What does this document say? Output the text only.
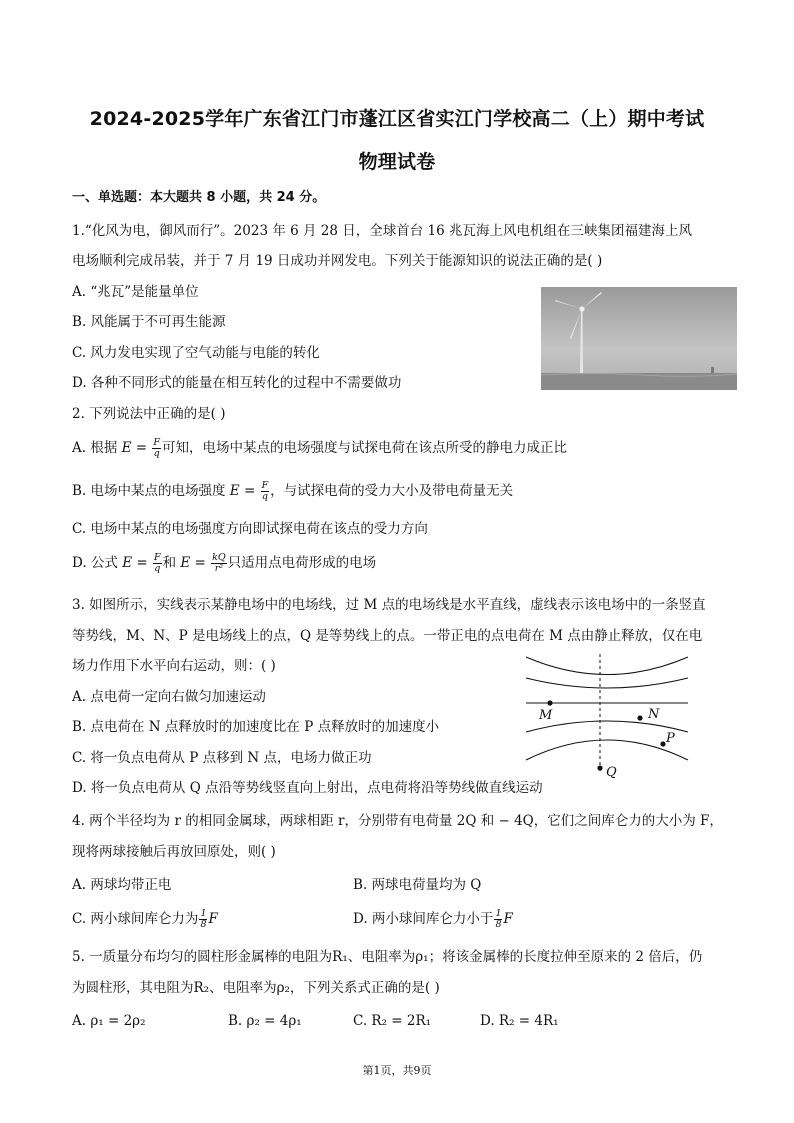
2024-2025学年广东省江门市蓬江区省实江门学校高二（上）期中考试
物理试卷
一、单选题：本大题共 8 小题，共 24 分。
1.“化风为电，御风而行”。2023 年 6 月 28 日，全球首台 16 兆瓦海上风电机组在三峡集团福建海上风
电场顺利完成吊装，并于 7 月 19 日成功并网发电。下列关于能源知识的说法正确的是( )
A. “兆瓦”是能量单位
B. 风能属于不可再生能源
C. 风力发电实现了空气动能与电能的转化
D. 各种不同形式的能量在相互转化的过程中不需要做功
2. 下列说法中正确的是( )
A. 根据 $E = \frac{F}{q}$ 可知，电场中某点的电场强度与试探电荷在该点所受的静电力成正比
B. 电场中某点的电场强度 $E = \frac{F}{q}$ ，与试探电荷的受力大小及带电荷量无关
C. 电场中某点的电场强度方向即试探电荷在该点的受力方向
D. 公式 $E = \frac{F}{q}$ 和 $E = \frac{kQ}{\text{r²}}$ 只适用点电荷形成的电场
3. 如图所示，实线表示某静电场中的电场线，过 M 点的电场线是水平直线，虚线表示该电场中的一条竖直
等势线，M、N、P 是电场线上的点，Q 是等势线上的点。一带正电的点电荷在 M 点由静止释放，仅在电
场力作用下水平向右运动，则：( )
A. 点电荷一定向右做匀加速运动
B. 点电荷在 N 点释放时的加速度比在 P 点释放时的加速度小
C. 将一负点电荷从 P 点移到 N 点，电场力做正功
D. 将一负点电荷从 Q 点沿等势线竖直向上射出，点电荷将沿等势线做直线运动
M	N
P
Q
4. 两个半径均为 r 的相同金属球，两球相距 r，分别带有电荷量 2Q 和 − 4Q，它们之间库仑力的大小为 F，
现将两球接触后再放回原处，则( )
A. 两球均带正电	B. 两球电荷量均为 Q
C. 两小球间库仑力为 $\frac{1}{8}$ F	D. 两小球间库仑力小于 $\frac{1}{8}$ F
5. 一质量分布均匀的圆柱形金属棒的电阻为R₁、电阻率为ρ₁；将该金属棒的长度拉伸至原来的 2 倍后，仍
为圆柱形，其电阻为R₂、电阻率为ρ₂，下列关系式正确的是( )
A. ρ₁ = 2ρ₂	B. ρ₂ = 4ρ₁	C. R₂ = 2R₁	D. R₂ = 4R₁
第1页，共9页
